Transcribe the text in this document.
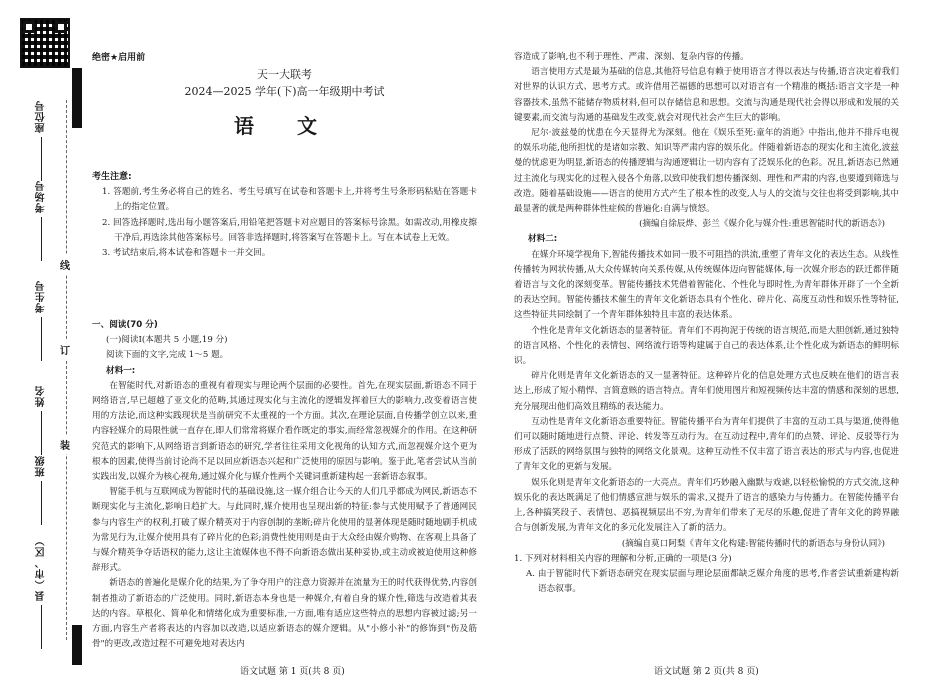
座位号
考场号
考生号
姓名
班级
县（市、区）
线
订
装
绝密★启用前
天一大联考
2024—2025 学年(下)高一年级期中考试
语 文
考生注意:
1. 答题前,考生务必将自己的姓名、考生号填写在试卷和答题卡上,并将考生号条形码粘贴在答题卡上的指定位置。
2. 回答选择题时,选出每小题答案后,用铅笔把答题卡对应题目的答案标号涂黑。如需改动,用橡皮擦干净后,再选涂其他答案标号。回答非选择题时,将答案写在答题卡上。写在本试卷上无效。
3. 考试结束后,将本试卷和答题卡一并交回。
一、阅读(70 分)
(一)阅读Ⅰ(本题共 5 小题,19 分)
阅读下面的文字,完成 1～5 题。
材料一:

在智能时代,对新语态的重视有着现实与理论两个层面的必要性。首先,在现实层面,新语态不同于网络语言,早已超越了亚文化的范畴,其通过现实化与主流化的逻辑发挥着巨大的影响力,改变着语言使用的方法论,而这种实践现状是当前研究不太重视的一个方面。其次,在理论层面,自传播学创立以来,重内容轻媒介的局限性就一直存在,即人们常常将媒介看作既定的事实,而经常忽视媒介的作用。在这种研究范式的影响下,从网络语言到新语态的研究,学者往往采用文化视角的认知方式,而忽视媒介这个更为根本的因素,使得当前讨论尚不足以回应新语态兴起和广泛使用的原因与影响。鉴于此,笔者尝试从当前实践出发,以媒介为核心视角,通过媒介化与媒介性两个关键词重新建构起一套新语态叙事。

智能手机与互联网成为智能时代的基础设施,这一媒介组合让今天的人们几乎都成为网民,新语态不断现实化与主流化,影响日趋扩大。与此同时,媒介使用也呈现出新的特征:参与式使用赋予了普通网民参与内容生产的权利,打破了媒介精英对于内容创制的垄断;碎片化使用的显著体现是随时随地刷手机成为常见行为,让媒介使用具有了碎片化的色彩;消费性使用则是由于大众经由媒介购物、在客观上具备了与媒介精英争夺话语权的能力,这让主流媒体也不得不向新语态做出某种妥协,或主动或被迫使用这种修辞形式。

新语态的普遍化是媒介化的结果,为了争夺用户的注意力资源并在流量为王的时代获得优势,内容创制者推动了新语态的广泛使用。同时,新语态本身也是一种媒介,有着自身的媒介性,筛选与改造着其表达的内容。草根化、简单化和情绪化成为重要标准,一方面,唯有适应这些特点的思想内容被过滤;另一方面,内容生产者将表达的内容加以改造,以适应新语态的媒介逻辑。从"小修小补"的修饰到"伤及筋骨"的更改,改造过程不可避免地对表达内

容造成了影响,也不利于理性、严肃、深刻、复杂内容的传播。

语言使用方式是最为基础的信息,其他符号信息有赖于使用语言才得以表达与传播,语言决定着我们对世界的认识方式、思考方式。或许借用芒福德的思想可以对语言有一个精准的概括:语言文字是一种容器技术,虽然不能储存物质材料,但可以存储信息和思想。交流与沟通是现代社会得以形成和发展的关键要素,而交流与沟通的基础发生改变,就会对现代社会产生巨大的影响。

尼尔·波兹曼的忧患在今天显得尤为深刻。他在《娱乐至死:童年的消逝》中指出,他并不排斥电视的娱乐功能,他所担忧的是诸如宗教、知识等严肃内容的娱乐化。伴随着新语态的现实化和主流化,波兹曼的忧虑更为明显,新语态的传播逻辑与沟通逻辑让一切内容有了泛娱乐化的色彩。况且,新语态已然通过主流化与现实化的过程入侵各个角落,以致印使我们想传播深刻、理性和严肃的内容,也要遵到筛选与改造。随着基础设施——语言的使用方式产生了根本性的改变,人与人的交流与交往也将受到影响,其中最显著的就是两种群体性症候的普遍化:自满与愤怒。

(摘编自徐辰烨、彭兰《媒介化与媒介性:重思智能时代的新语态》)

材料二:

在媒介环境学视角下,智能传播技术如同一股不可阻挡的洪流,重塑了青年文化的表达生态。从线性传播转为网状传播,从大众传媒转向关系传媒,从传统媒体迈向智能媒体,每一次媒介形态的跃迁都伴随着语言与文化的深刻变革。智能传播技术凭借着智能化、个性化与即时性,为青年群体开辟了一个全新的表达空间。智能传播技术催生的青年文化新语态具有个性化、碎片化、高度互动性和娱乐性等特征,这些特征共同绘制了一个青年群体独特且丰富的表达体系。

个性化是青年文化新语态的显著特征。青年们不再拘泥于传统的语言规范,而是大胆创新,通过独特的语言风格、个性化的表情包、网络流行语等构建属于自己的表达体系,让个性化成为新语态的鲜明标识。

碎片化则是青年文化新语态的又一显著特征。这种碎片化的信息处理方式也反映在他们的语言表达上,形成了短小精悍、言简意赅的语言特点。青年们使用图片和短视频传达丰富的情感和深刻的思想,充分展现出他们高效且精练的表达能力。

互动性是青年文化新语态重要特征。智能传播平台为青年们提供了丰富的互动工具与渠道,使得他们可以随时随地进行点赞、评论、转发等互动行为。在互动过程中,青年们的点赞、评论、反驳等行为形成了活跃的网络氛围与独特的网络文化景观。这种互动性不仅丰富了语言表达的形式与内容,也促进了青年文化的更新与发展。

娱乐化则是青年文化新语态的一大亮点。青年们巧妙融入幽默与戏谑,以轻松愉悦的方式交流,这种娱乐化的表达既满足了他们情感宣泄与娱乐的需求,又提升了语言的感染力与传播力。在智能传播平台上,各种搞笑段子、表情包、恶搞视频层出不穷,为青年们带来了无尽的乐趣,促进了青年文化的跨界融合与创新发展,为青年文化的多元化发展注入了新的活力。

(摘编自莫口阿梨《青年文化构建:智能传播时代的新语态与身份认同》)

1. 下列对材料相关内容的理解和分析,正确的一项是(3 分)

A. 由于智能时代下新语态研究在现实层面与理论层面都缺乏媒介角度的思考,作者尝试重新建构新语态叙事。

语文试题 第 1 页(共 8 页)	语文试题 第 2 页(共 8 页)
